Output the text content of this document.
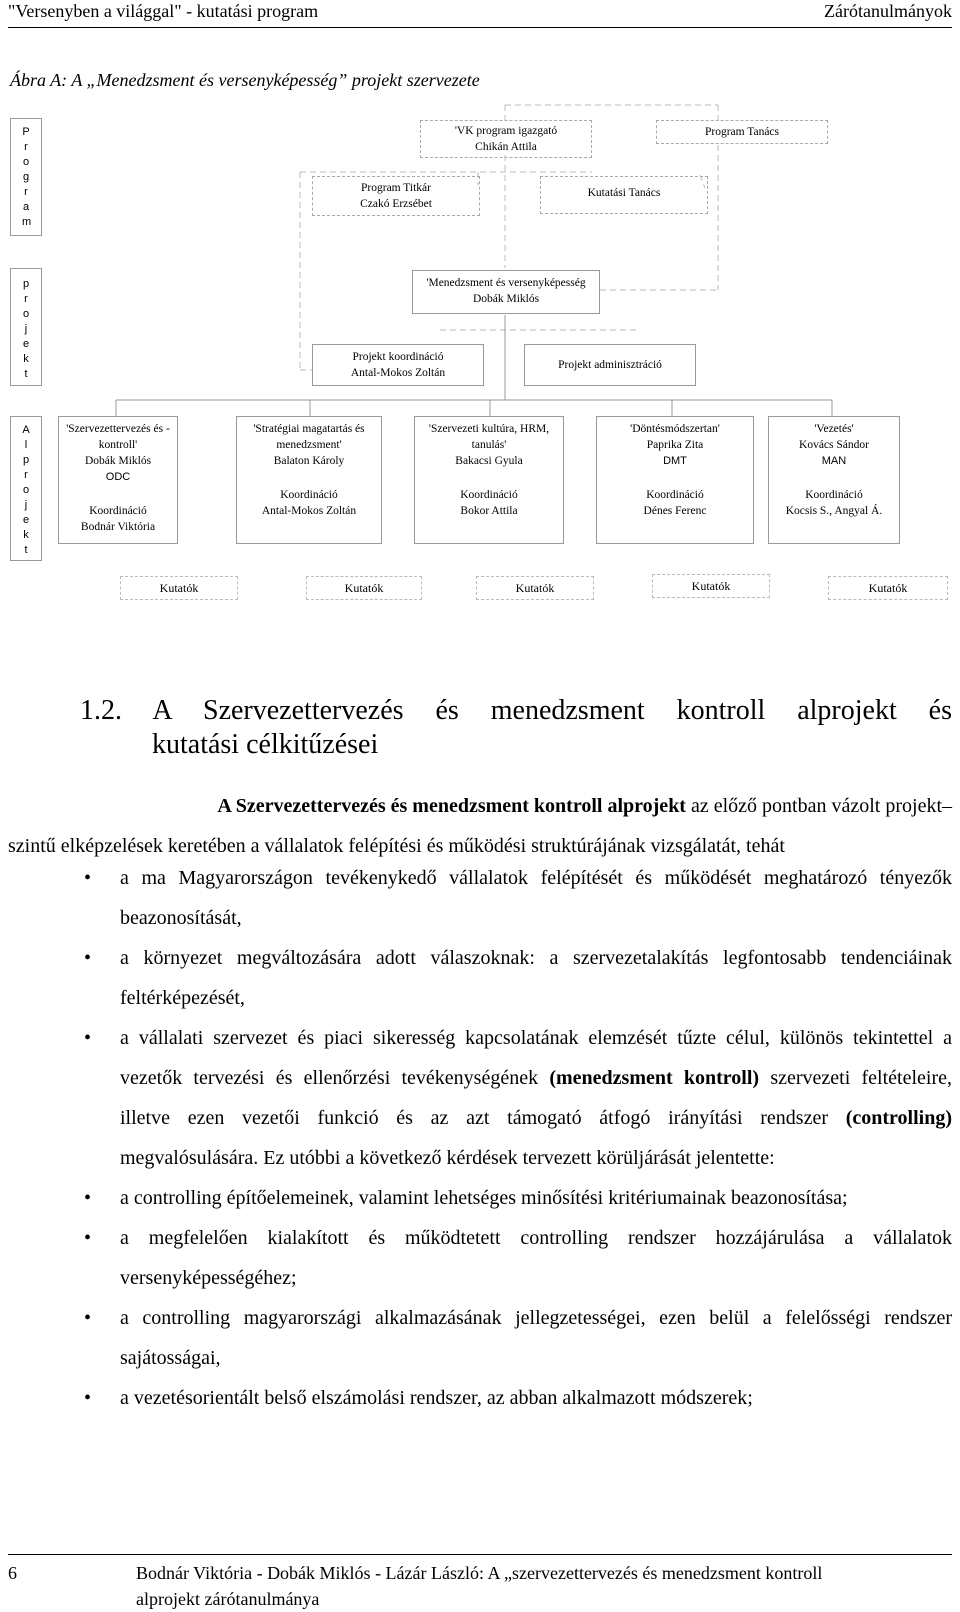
"Versenyben a világgal" - kutatási program	Zárótanulmányok
Ábra A: A „Menedzsment és versenyképesség” projekt szervezete
Program
projekt
Alprojekt
'VK program igazgató
Chikán Attila
Program Tanács
Program Titkár
Czakó Erzsébet
Kutatási Tanács
'Menedzsment és versenyképesség
Dobák Miklós
Projekt koordináció
Antal-Mokos Zoltán
Projekt adminisztráció
'Szervezettervezés és -kontroll'
Dobák Miklós
ODC
Koordináció
Bodnár Viktória
'Stratégiai magatartás és menedzsment'
Balaton Károly
Koordináció
Antal-Mokos Zoltán
'Szervezeti kultúra, HRM, tanulás'
Bakacsi Gyula
Koordináció
Bokor Attila
'Döntésmódszertan'
Paprika Zita
DMT
Koordináció
Dénes Ferenc
'Vezetés'
Kovács Sándor
MAN
Koordináció
Kocsis S., Angyal Á.
Kutatók	Kutatók	Kutatók	Kutatók	Kutatók
1.2. A Szervezettervezés és menedzsment kontroll alprojekt és
kutatási célkitűzései
A Szervezettervezés és menedzsment kontroll alprojekt az előző pontban vázolt projekt–
szintű elképzelések keretében a vállalatok felépítési és működési struktúrájának vizsgálatát, tehát
• a ma Magyarországon tevékenykedő vállalatok felépítését és működését meghatározó tényezők beazonosítását,
• a környezet megváltozására adott válaszoknak: a szervezetalakítás legfontosabb tendenciáinak feltérképezését,
• a vállalati szervezet és piaci sikeresség kapcsolatának elemzését tűzte célul, különös tekintettel a vezetők tervezési és ellenőrzési tevékenységének (menedzsment kontroll) szervezeti feltételeire, illetve ezen vezetői funkció és az azt támogató átfogó irányítási rendszer (controlling) megvalósulására. Ez utóbbi a következő kérdések tervezett körüljárását jelentette:
• a controlling építőelemeinek, valamint lehetséges minősítési kritériumainak beazonosítása;
• a megfelelően kialakított és működtetett controlling rendszer hozzájárulása a vállalatok versenyképességéhez;
• a controlling magyarországi alkalmazásának jellegzetességei, ezen belül a felelősségi rendszer sajátosságai,
• a vezetésorientált belső elszámolási rendszer, az abban alkalmazott módszerek;
6	Bodnár Viktória - Dobák Miklós - Lázár László: A „szervezettervezés és menedzsment kontroll
alprojekt zárótanulmánya
